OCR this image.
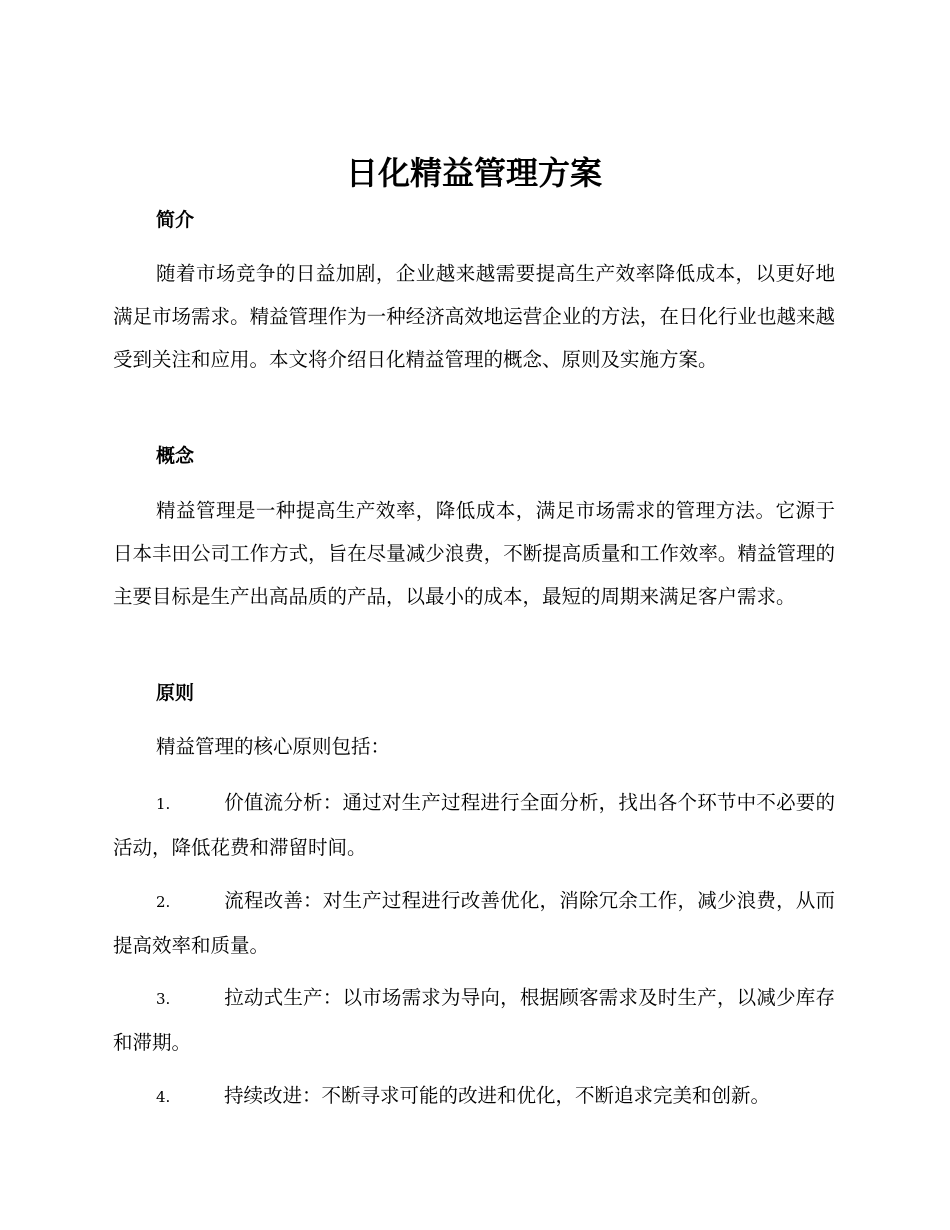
日化精益管理方案
简介

随着市场竞争的日益加剧，企业越来越需要提高生产效率降低成本，以更好地满足市场需求。精益管理作为一种经济高效地运营企业的方法，在日化行业也越来越受到关注和应用。本文将介绍日化精益管理的概念、原则及实施方案。

概念

精益管理是一种提高生产效率，降低成本，满足市场需求的管理方法。它源于日本丰田公司工作方式，旨在尽量减少浪费，不断提高质量和工作效率。精益管理的主要目标是生产出高品质的产品，以最小的成本，最短的周期来满足客户需求。

原则

精益管理的核心原则包括：

1.	价值流分析：通过对生产过程进行全面分析，找出各个环节中不必要的活动，降低花费和滞留时间。

2.	流程改善：对生产过程进行改善优化，消除冗余工作，减少浪费，从而提高效率和质量。

3.	拉动式生产：以市场需求为导向，根据顾客需求及时生产，以减少库存和滞期。

4.	持续改进：不断寻求可能的改进和优化，不断追求完美和创新。
